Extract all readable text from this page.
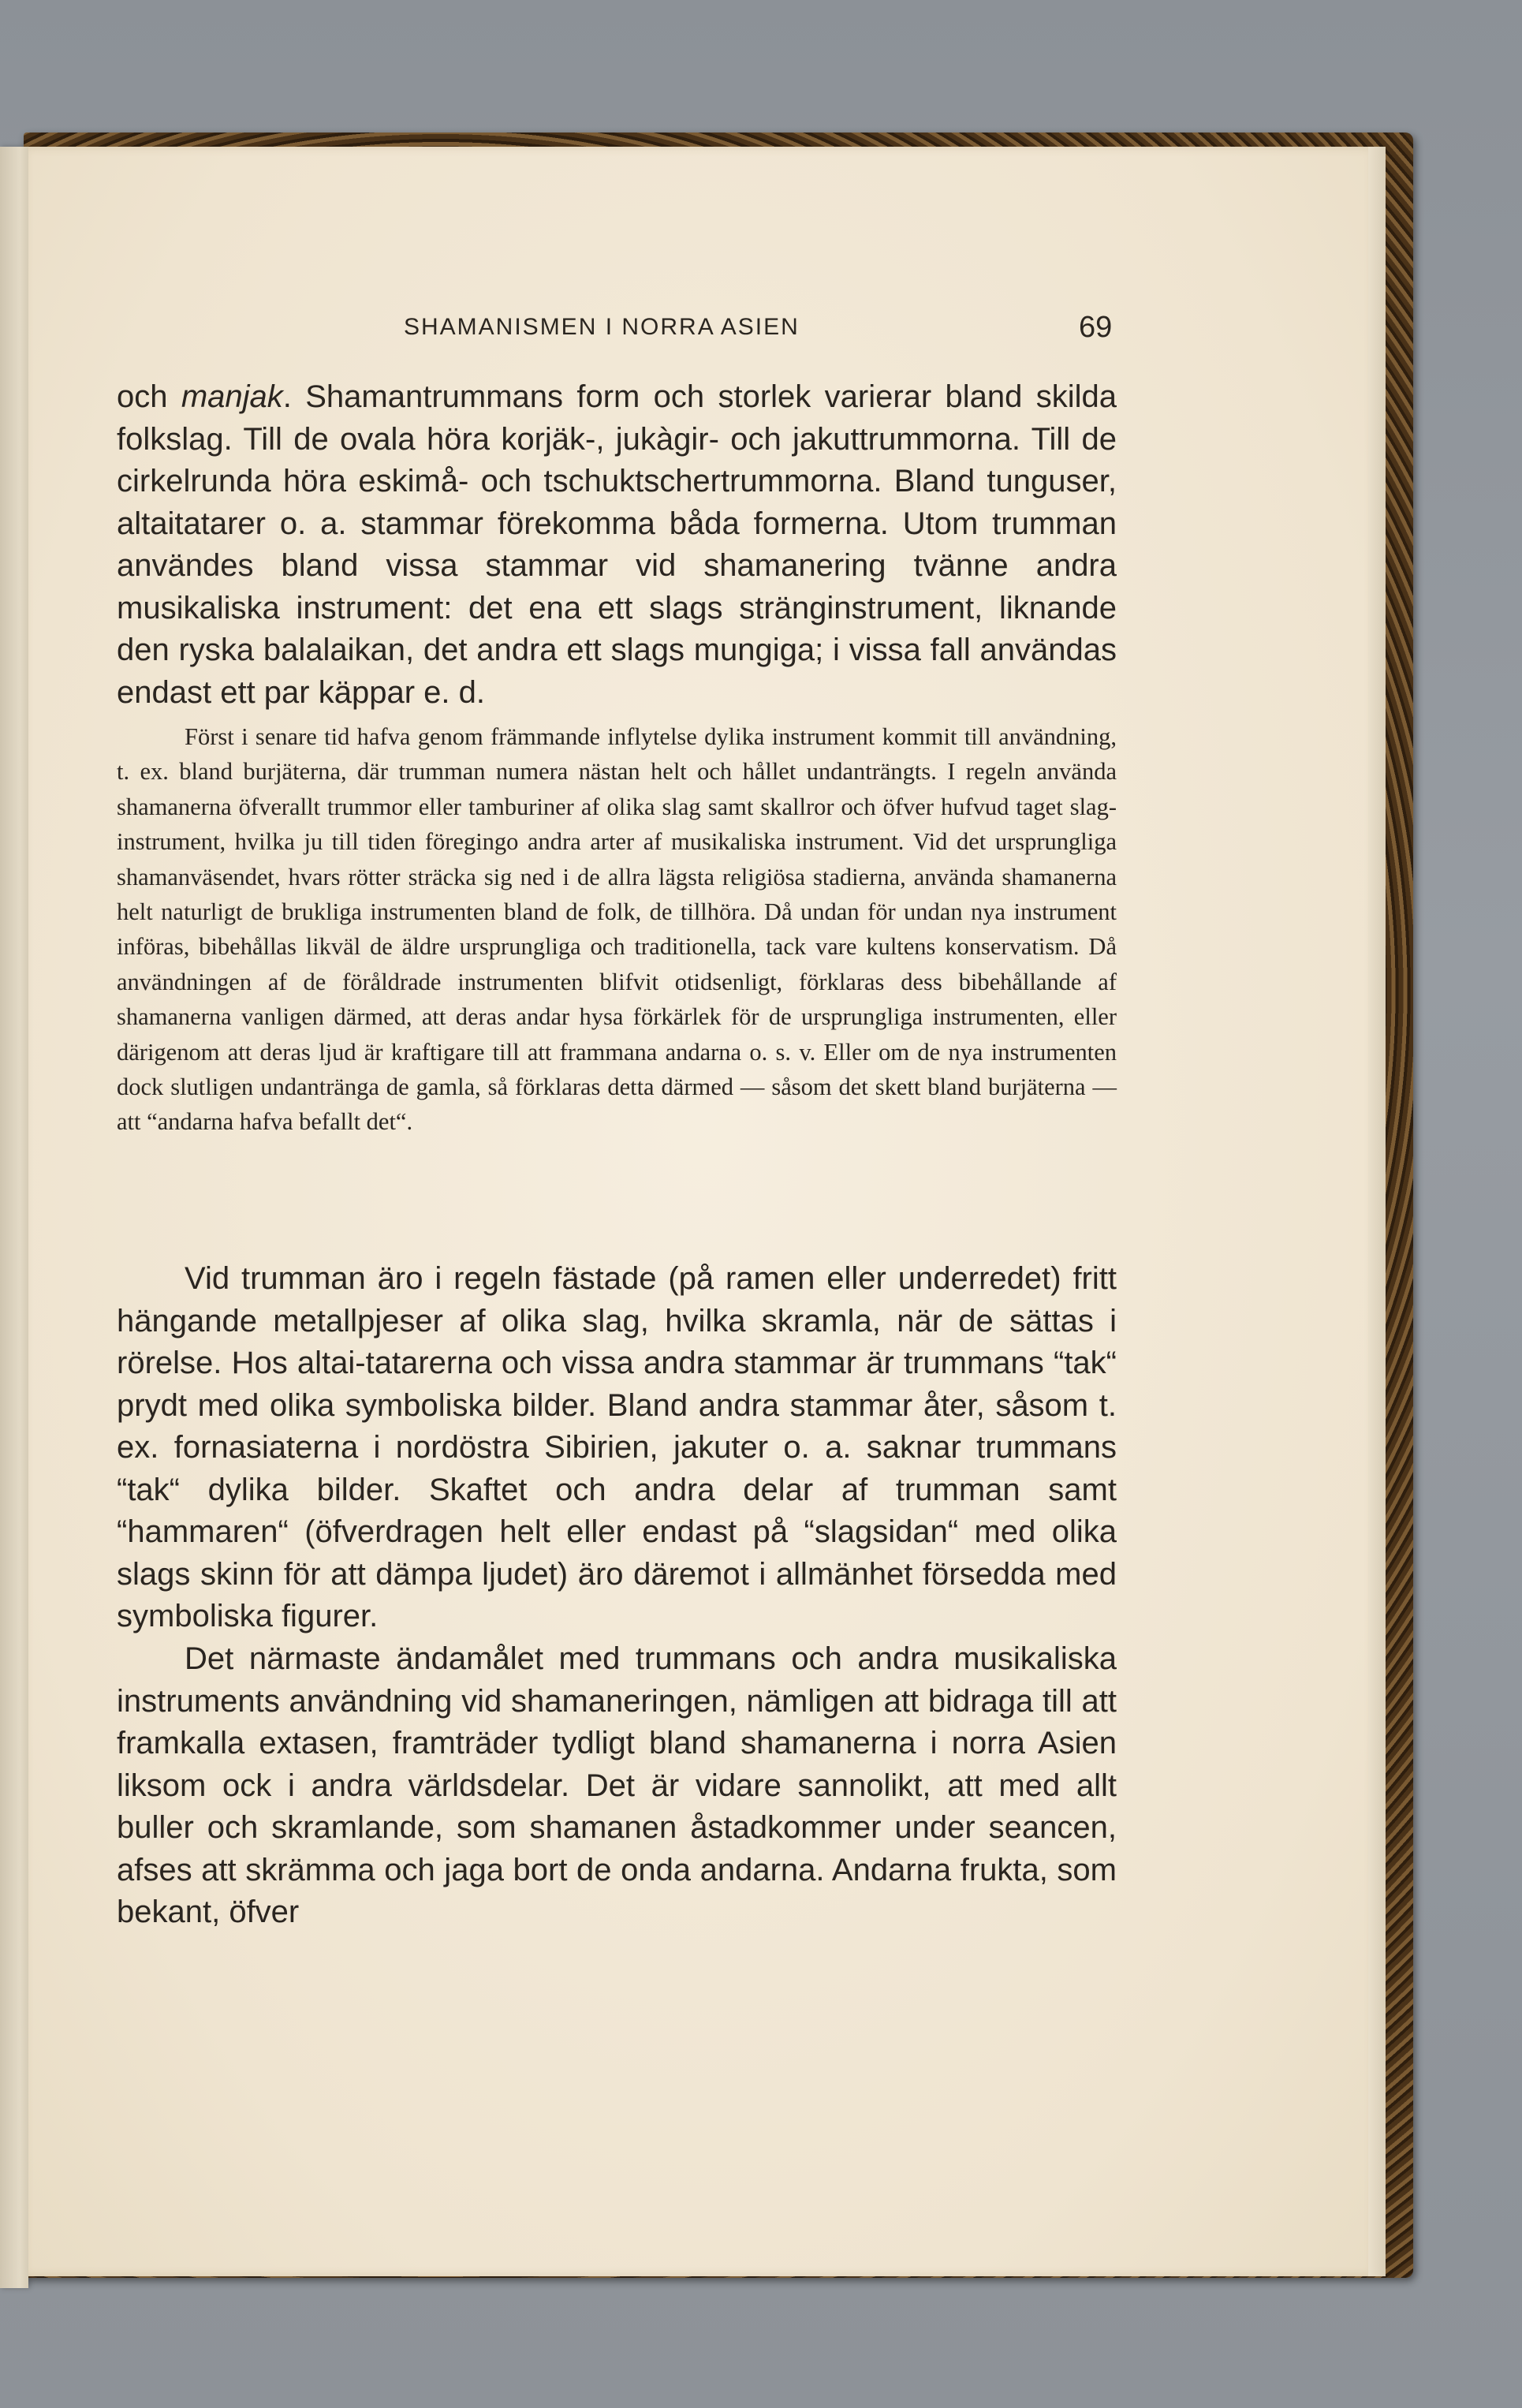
SHAMANISMEN I NORRA ASIEN	69

och manjak. Shamantrummans form och storlek varierar bland skilda folkslag. Till de ovala höra korjäk-, jukàgir- och jakuttrummorna. Till de cirkelrunda höra eskimå- och tschuktschertrummorna. Bland tunguser, altaitatarer o. a. stammar förekomma båda formerna. Utom trumman användes bland vissa stammar vid shamanering tvänne andra musikaliska instrument: det ena ett slags stränginstrument, liknande den ryska balalaikan, det andra ett slags mungiga; i vissa fall användas endast ett par käppar e. d.

Först i senare tid hafva genom främmande inflytelse dylika instrument kommit till användning, t. ex. bland burjäterna, där trumman numera nästan helt och hållet undanträngts. I regeln använda shamanerna öfverallt trummor eller tamburiner af olika slag samt skallror och öfver hufvud taget slag-instrument, hvilka ju till tiden föregingo andra arter af musikaliska instrument. Vid det ursprungliga shamanväsendet, hvars rötter sträcka sig ned i de allra lägsta religiösa stadierna, använda shamanerna helt naturligt de brukliga instrumenten bland de folk, de tillhöra. Då undan för undan nya instrument införas, bibehållas likväl de äldre ursprungliga och traditionella, tack vare kultens konservatism. Då användningen af de föråldrade instrumenten blifvit otidsenligt, förklaras dess bibehållande af shamanerna vanligen därmed, att deras andar hysa förkärlek för de ursprungliga instrumenten, eller därigenom att deras ljud är kraftigare till att frammana andarna o. s. v. Eller om de nya instrumenten dock slutligen undantränga de gamla, så förklaras detta därmed — såsom det skett bland burjäterna — att “andarna hafva befallt det“.

Vid trumman äro i regeln fästade (på ramen eller underredet) fritt hängande metallpjeser af olika slag, hvilka skramla, när de sättas i rörelse. Hos altai-tatarerna och vissa andra stammar är trummans “tak“ prydt med olika symboliska bilder. Bland andra stammar åter, såsom t. ex. fornasiaterna i nordöstra Sibirien, jakuter o. a. saknar trummans “tak“ dylika bilder. Skaftet och andra delar af trumman samt “hammaren“ (öfverdragen helt eller endast på “slagsidan“ med olika slags skinn för att dämpa ljudet) äro däremot i allmänhet försedda med symboliska figurer.

Det närmaste ändamålet med trummans och andra musikaliska instruments användning vid shamaneringen, nämligen att bidraga till att framkalla extasen, framträder tydligt bland shamanerna i norra Asien liksom ock i andra världsdelar. Det är vidare sannolikt, att med allt buller och skramlande, som shamanen åstadkommer under seancen, afses att skrämma och jaga bort de onda andarna. Andarna frukta, som bekant, öfver
